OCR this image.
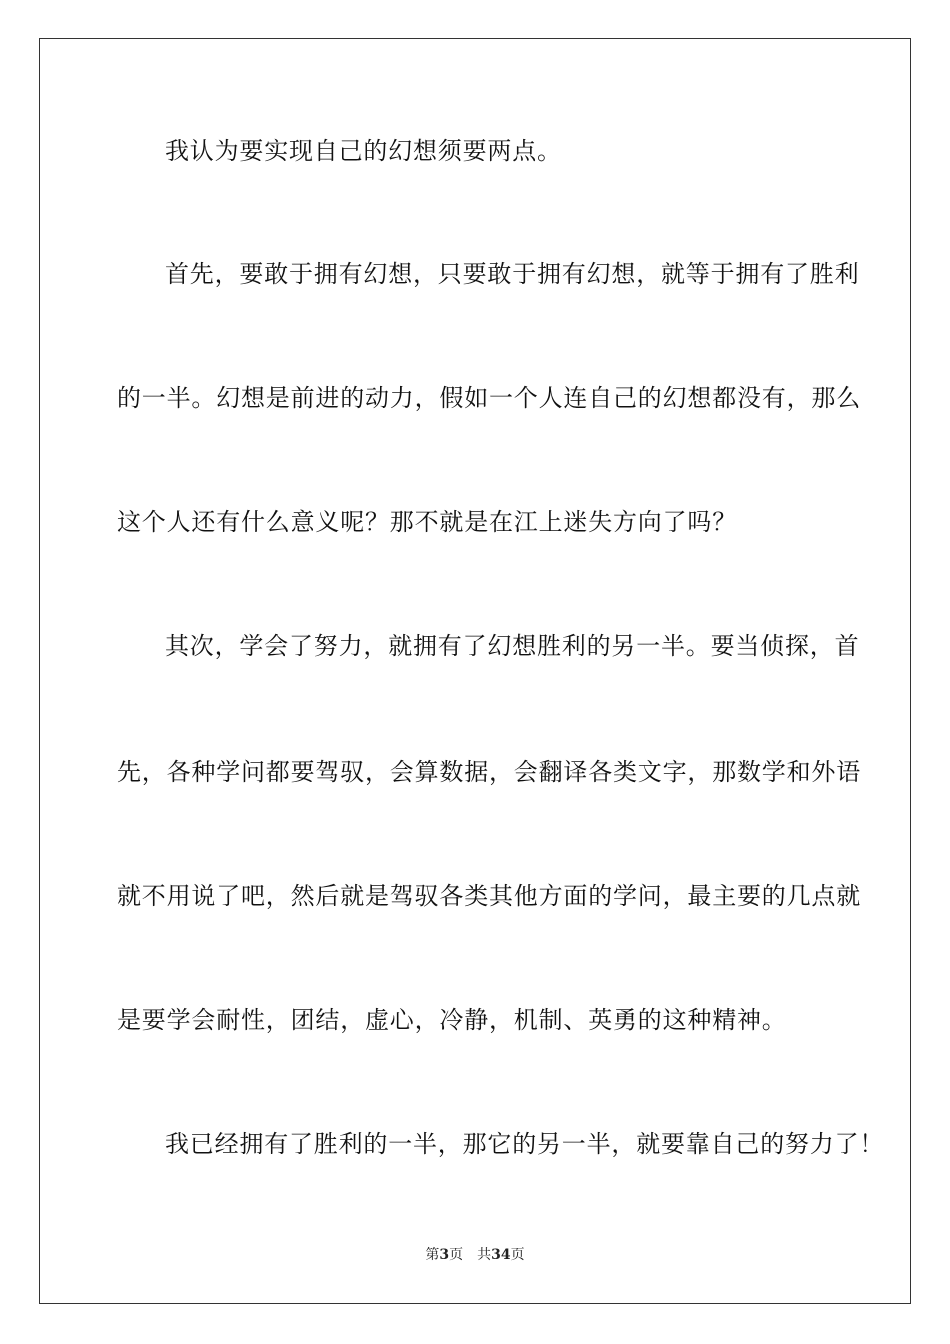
我认为要实现自己的幻想须要两点。
首先，要敢于拥有幻想，只要敢于拥有幻想，就等于拥有了胜利
的一半。幻想是前进的动力，假如一个人连自己的幻想都没有，那么
这个人还有什么意义呢？那不就是在江上迷失方向了吗？
其次，学会了努力，就拥有了幻想胜利的另一半。要当侦探，首
先，各种学问都要驾驭，会算数据，会翻译各类文字，那数学和外语
就不用说了吧，然后就是驾驭各类其他方面的学问，最主要的几点就
是要学会耐性，团结，虚心，冷静，机制、英勇的这种精神。
我已经拥有了胜利的一半，那它的另一半，就要靠自己的努力了！
第3页 共34页
